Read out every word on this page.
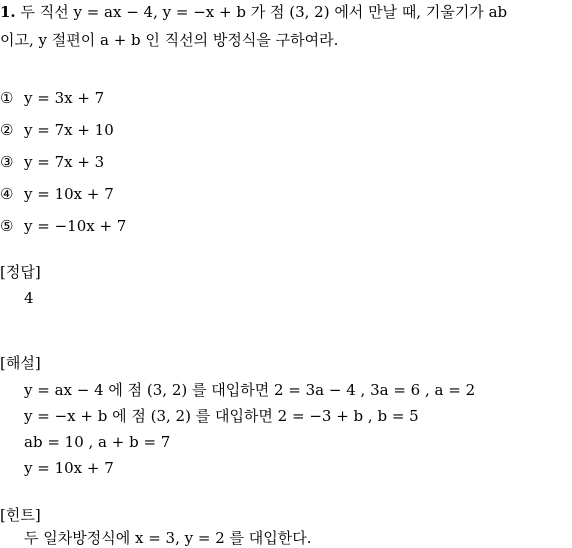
1. 두 직선 y = ax − 4, y = −x + b 가 점 (3, 2) 에서 만날 때, 기울기가 ab
이고, y 절편이 a + b 인 직선의 방정식을 구하여라.
① y = 3x + 7
② y = 7x + 10
③ y = 7x + 3
④ y = 10x + 7
⑤ y = −10x + 7
[정답]
4
[해설]
y = ax − 4 에 점 (3, 2) 를 대입하면 2 = 3a − 4 , 3a = 6 , a = 2
y = −x + b 에 점 (3, 2) 를 대입하면 2 = −3 + b , b = 5
ab = 10 , a + b = 7
y = 10x + 7
[힌트]
두 일차방정식에 x = 3, y = 2 를 대입한다.
